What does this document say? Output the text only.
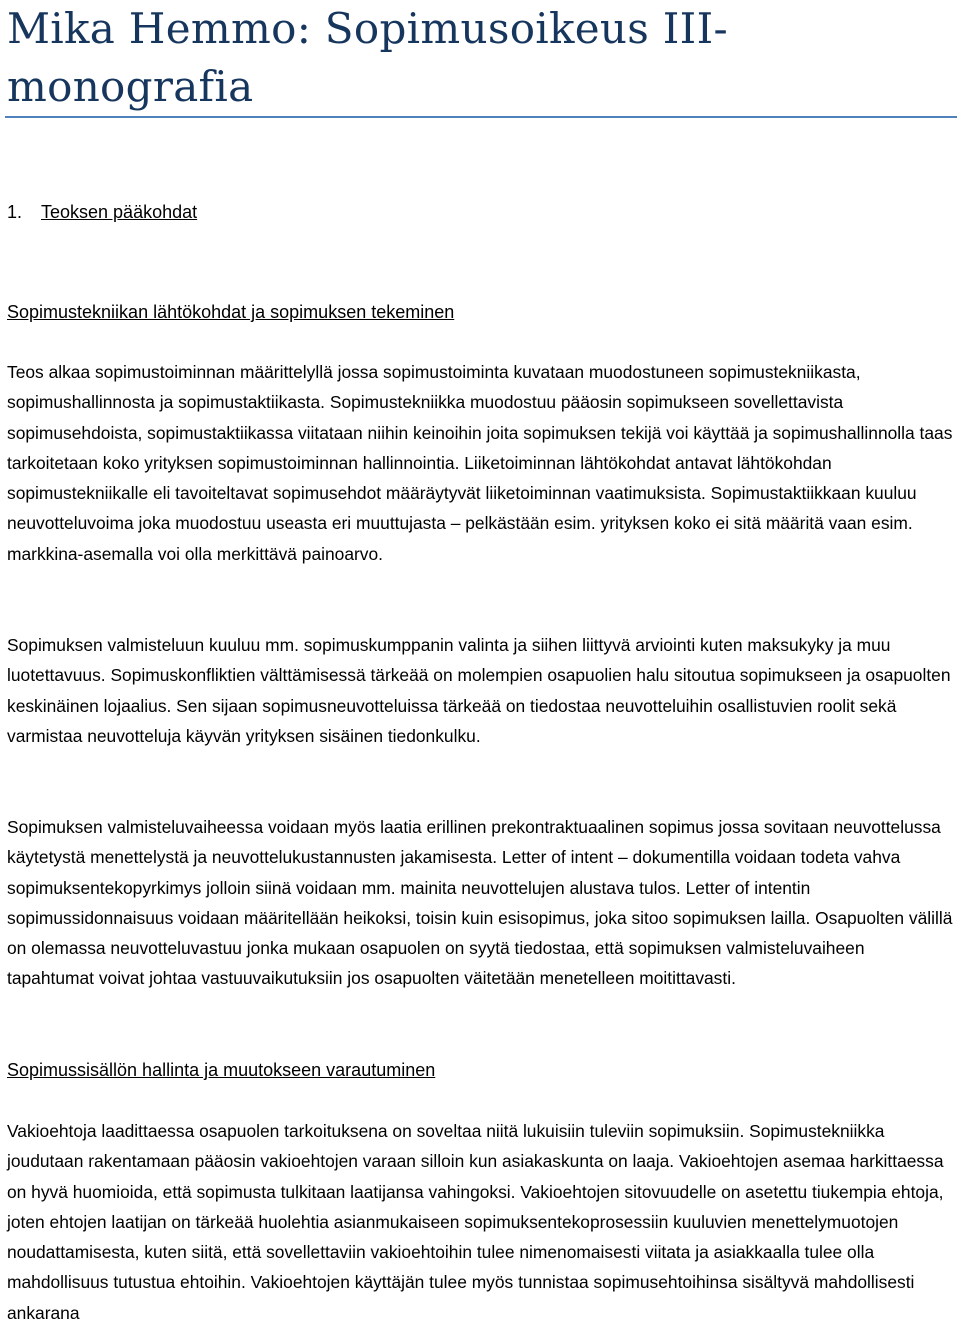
Mika Hemmo: Sopimusoikeus III-monografia
1. Teoksen pääkohdat
Sopimustekniikan lähtökohdat ja sopimuksen tekeminen

Teos alkaa sopimustoiminnan määrittelyllä jossa sopimustoiminta kuvataan muodostuneen sopimustekniikasta, sopimushallinnosta ja sopimustaktiikasta. Sopimustekniikka muodostuu pääosin sopimukseen sovellettavista sopimusehdoista, sopimustaktiikassa viitataan niihin keinoihin joita sopimuksen tekijä voi käyttää ja sopimushallinnolla taas tarkoitetaan koko yrityksen sopimustoiminnan hallinnointia. Liiketoiminnan lähtökohdat antavat lähtökohdan sopimustekniikalle eli tavoiteltavat sopimusehdot määräytyvät liiketoiminnan vaatimuksista. Sopimustaktiikkaan kuuluu neuvotteluvoima joka muodostuu useasta eri muuttujasta – pelkästään esim. yrityksen koko ei sitä määritä vaan esim. markkina-asemalla voi olla merkittävä painoarvo.

Sopimuksen valmisteluun kuuluu mm. sopimuskumppanin valinta ja siihen liittyvä arviointi kuten maksukyky ja muu luotettavuus. Sopimuskonfliktien välttämisessä tärkeää on molempien osapuolien halu sitoutua sopimukseen ja osapuolten keskinäinen lojaalius. Sen sijaan sopimusneuvotteluissa tärkeää on tiedostaa neuvotteluihin osallistuvien roolit sekä varmistaa neuvotteluja käyvän yrityksen sisäinen tiedonkulku.

Sopimuksen valmisteluvaiheessa voidaan myös laatia erillinen prekontraktuaalinen sopimus jossa sovitaan neuvottelussa käytetystä menettelystä ja neuvottelukustannusten jakamisesta. Letter of intent – dokumentilla voidaan todeta vahva sopimuksentekopyrkimys jolloin siinä voidaan mm. mainita neuvottelujen alustava tulos. Letter of intentin sopimussidonnaisuus voidaan määritellään heikoksi, toisin kuin esisopimus, joka sitoo sopimuksen lailla. Osapuolten välillä on olemassa neuvotteluvastuu jonka mukaan osapuolen on syytä tiedostaa, että sopimuksen valmisteluvaiheen tapahtumat voivat johtaa vastuuvaikutuksiin jos osapuolten väitetään menetelleen moitittavasti.

Sopimussisällön hallinta ja muutokseen varautuminen

Vakioehtoja laadittaessa osapuolen tarkoituksena on soveltaa niitä lukuisiin tuleviin sopimuksiin. Sopimustekniikka joudutaan rakentamaan pääosin vakioehtojen varaan silloin kun asiakaskunta on laaja. Vakioehtojen asemaa harkittaessa on hyvä huomioida, että sopimusta tulkitaan laatijansa vahingoksi. Vakioehtojen sitovuudelle on asetettu tiukempia ehtoja, joten ehtojen laatijan on tärkeää huolehtia asianmukaiseen sopimuksentekoprosessiin kuuluvien menettelymuotojen noudattamisesta, kuten siitä, että sovellettaviin vakioehtoihin tulee nimenomaisesti viitata ja asiakkaalla tulee olla mahdollisuus tutustua ehtoihin. Vakioehtojen käyttäjän tulee myös tunnistaa sopimusehtoihinsa sisältyvä mahdollisesti ankarana
